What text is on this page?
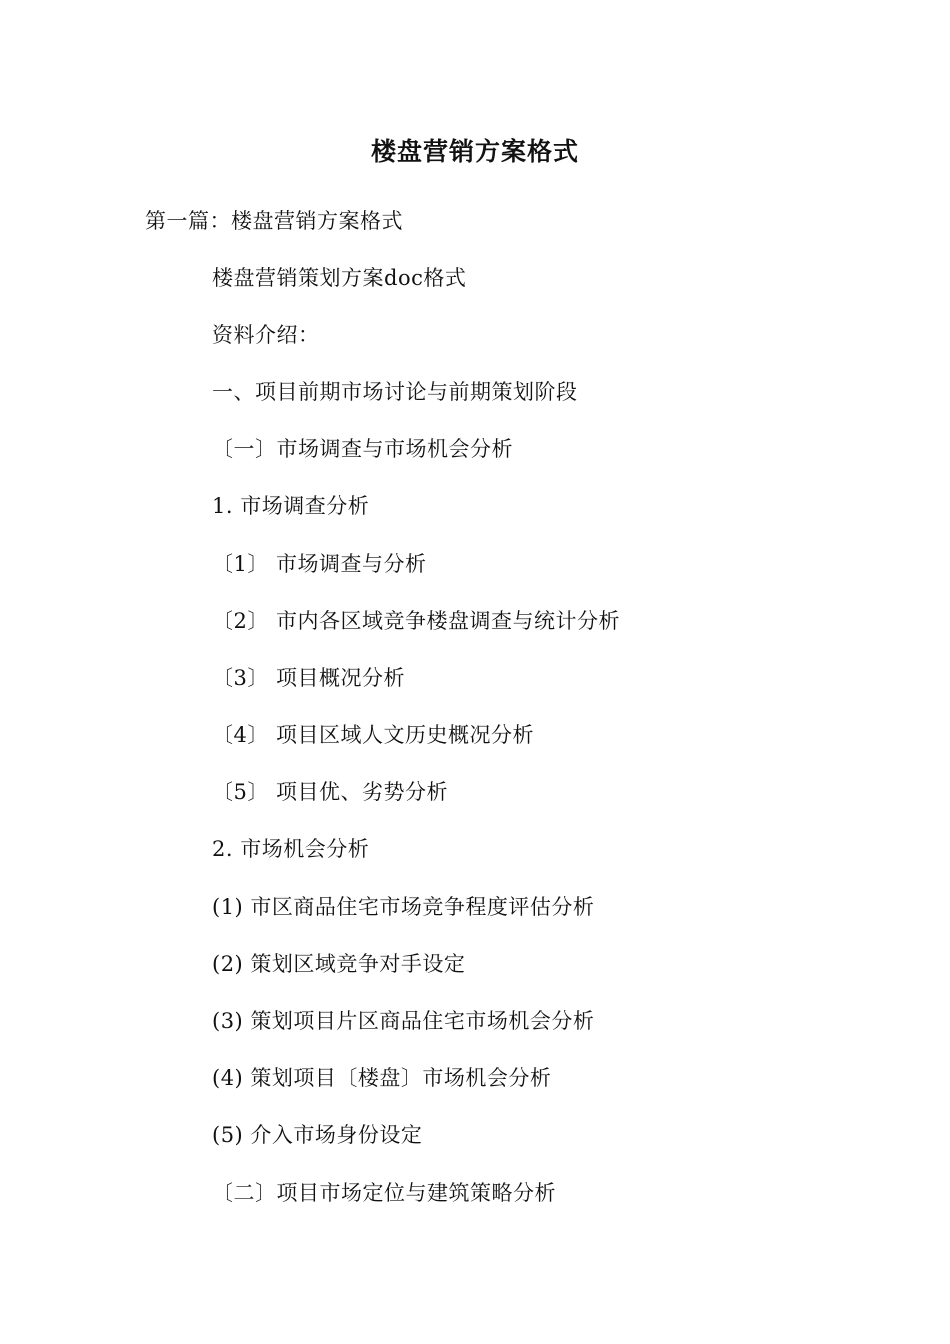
楼盘营销方案格式
第一篇：楼盘营销方案格式
楼盘营销策划方案doc格式
资料介绍：
一、项目前期市场讨论与前期策划阶段
〔一〕市场调查与市场机会分析
1. 市场调查分析
〔1〕 市场调查与分析
〔2〕 市内各区域竞争楼盘调查与统计分析
〔3〕 项目概况分析
〔4〕 项目区域人文历史概况分析
〔5〕 项目优、劣势分析
2. 市场机会分析
(1) 市区商品住宅市场竞争程度评估分析
(2) 策划区域竞争对手设定
(3) 策划项目片区商品住宅市场机会分析
(4) 策划项目〔楼盘〕市场机会分析
(5) 介入市场身份设定
〔二〕项目市场定位与建筑策略分析
